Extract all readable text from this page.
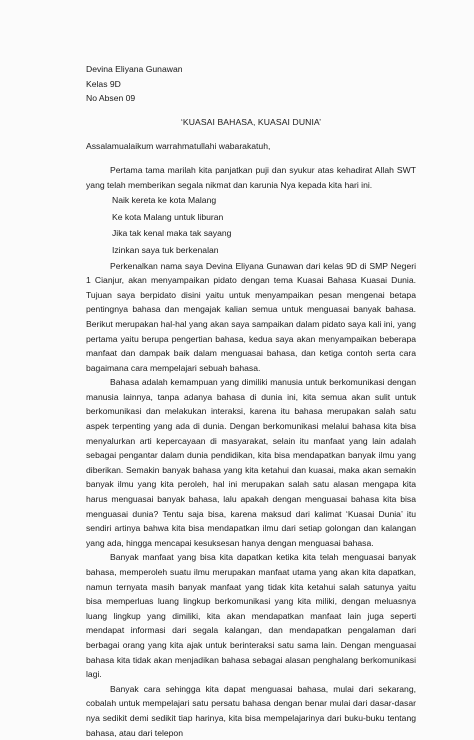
Devina Eliyana Gunawan

Kelas 9D

No Absen 09

‘KUASAI BAHASA, KUASAI DUNIA’

Assalamualaikum warrahmatullahi wabarakatuh,

Pertama tama marilah kita panjatkan puji dan syukur atas kehadirat Allah SWT yang telah memberikan segala nikmat dan karunia Nya kepada kita hari ini.

Naik kereta ke kota Malang
Ke kota Malang untuk liburan
Jika tak kenal maka tak sayang
Izinkan saya tuk berkenalan

Perkenalkan nama saya Devina Eliyana Gunawan dari kelas 9D di SMP Negeri 1 Cianjur, akan menyampaikan pidato dengan tema Kuasai Bahasa Kuasai Dunia. Tujuan saya berpidato disini yaitu untuk menyampaikan pesan mengenai betapa pentingnya bahasa dan mengajak kalian semua untuk menguasai banyak bahasa. Berikut merupakan hal-hal yang akan saya sampaikan dalam pidato saya kali ini, yang pertama yaitu berupa pengertian bahasa, kedua saya akan menyampaikan beberapa manfaat dan dampak baik dalam menguasai bahasa, dan ketiga contoh serta cara bagaimana cara mempelajari sebuah bahasa.

Bahasa adalah kemampuan yang dimiliki manusia untuk berkomunikasi dengan manusia lainnya, tanpa adanya bahasa di dunia ini, kita semua akan sulit untuk berkomunikasi dan melakukan interaksi, karena itu bahasa merupakan salah satu aspek terpenting yang ada di dunia. Dengan berkomunikasi melalui bahasa kita bisa menyalurkan arti kepercayaan di masyarakat, selain itu manfaat yang lain adalah sebagai pengantar dalam dunia pendidikan, kita bisa mendapatkan banyak ilmu yang diberikan. Semakin banyak bahasa yang kita ketahui dan kuasai, maka akan semakin banyak ilmu yang kita peroleh, hal ini merupakan salah satu alasan mengapa kita harus menguasai banyak bahasa, lalu apakah dengan menguasai bahasa kita bisa menguasai dunia? Tentu saja bisa, karena maksud dari kalimat ‘Kuasai Dunia’ itu sendiri artinya bahwa kita bisa mendapatkan ilmu dari setiap golongan dan kalangan yang ada, hingga mencapai kesuksesan hanya dengan menguasai bahasa.

Banyak manfaat yang bisa kita dapatkan ketika kita telah menguasai banyak bahasa, memperoleh suatu ilmu merupakan manfaat utama yang akan kita dapatkan, namun ternyata masih banyak manfaat yang tidak kita ketahui salah satunya yaitu bisa memperluas luang lingkup berkomunikasi yang kita miliki, dengan meluasnya luang lingkup yang dimiliki, kita akan mendapatkan manfaat lain juga seperti mendapat informasi dari segala kalangan, dan mendapatkan pengalaman dari berbagai orang yang kita ajak untuk berinteraksi satu sama lain. Dengan menguasai bahasa kita tidak akan menjadikan bahasa sebagai alasan penghalang berkomunikasi lagi.

Banyak cara sehingga kita dapat menguasai bahasa, mulai dari sekarang, cobalah untuk mempelajari satu persatu bahasa dengan benar mulai dari dasar-dasar nya sedikit demi sedikit tiap harinya, kita bisa mempelajarinya dari buku-buku tentang bahasa, atau dari telepon
